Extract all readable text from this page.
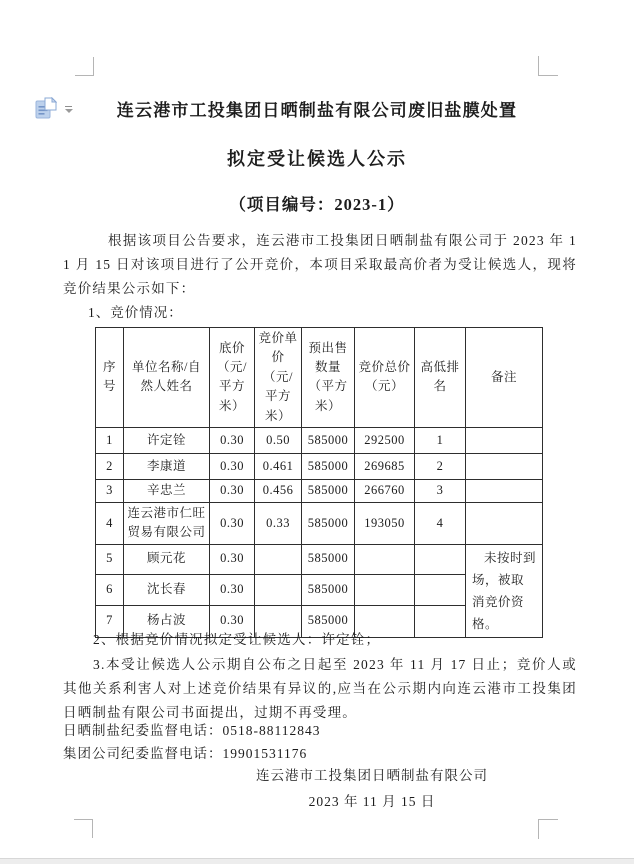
连云港市工投集团日晒制盐有限公司废旧盐膜处置
拟定受让候选人公示
（项目编号：2023-1）

根据该项目公告要求，连云港市工投集团日晒制盐有限公司于 2023 年 11 月 15 日对该项目进行了公开竞价，本项目采取最高价者为受让候选人，现将竞价结果公示如下：

1、竞价情况：
序号	单位名称/自然人姓名	底价（元/平方米）	竞价单价（元/平方米）	预出售数量（平方米）	竞价总价（元）	高低排名	备注
1	许定铨	0.30	0.50	585000	292500	1	
2	李康道	0.30	0.461	585000	269685	2	
3	辛忠兰	0.30	0.456	585000	266760	3	
4	连云港市仁旺贸易有限公司	0.30	0.33	585000	193050	4	
5	顾元花	0.30		585000			未按时到场，被取消竞价资格。
6	沈长春	0.30		585000			
7	杨占波	0.30		585000			

2、根据竞价情况拟定受让候选人：许定铨；

3.本受让候选人公示期自公布之日起至 2023 年 11 月 17 日止；竞价人或其他关系利害人对上述竞价结果有异议的,应当在公示期内向连云港市工投集团日晒制盐有限公司书面提出，过期不再受理。

日晒制盐纪委监督电话：0518-88112843
集团公司纪委监督电话：19901531176
连云港市工投集团日晒制盐有限公司
2023 年 11 月 15 日
